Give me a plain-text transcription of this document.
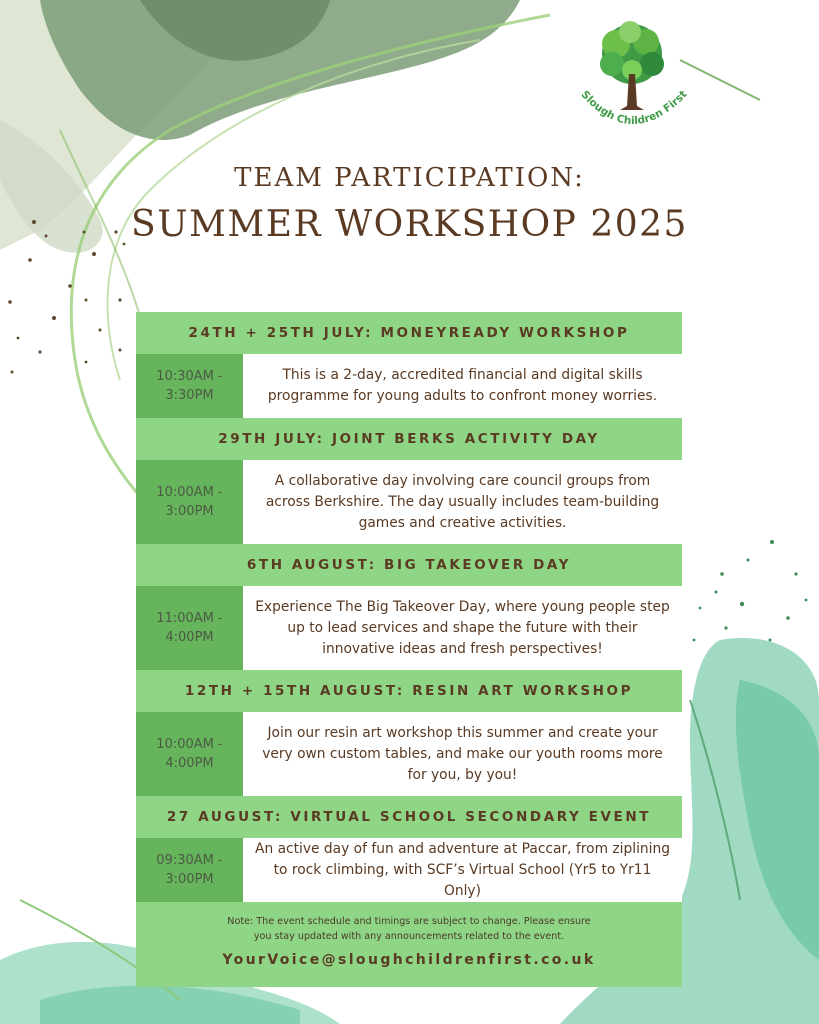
Slough Children First
TEAM PARTICIPATION:
SUMMER WORKSHOP 2025
24TH + 25TH JULY: MONEYREADY WORKSHOP
10:30AM -
3:30PM
This is a 2-day, accredited financial and digital skills programme for young adults to confront money worries.
29TH JULY: JOINT BERKS ACTIVITY DAY
10:00AM -
3:00PM
A collaborative day involving care council groups from across Berkshire. The day usually includes team-building games and creative activities.
6TH AUGUST: BIG TAKEOVER DAY
11:00AM -
4:00PM
Experience The Big Takeover Day, where young people step up to lead services and shape the future with their innovative ideas and fresh perspectives!
12TH + 15TH AUGUST: RESIN ART WORKSHOP
10:00AM -
4:00PM
Join our resin art workshop this summer and create your very own custom tables, and make our youth rooms more for you, by you!
27 AUGUST: VIRTUAL SCHOOL SECONDARY EVENT
09:30AM -
3:00PM
An active day of fun and adventure at Paccar, from ziplining to rock climbing, with SCF’s Virtual School (Yr5 to Yr11 Only)
Note: The event schedule and timings are subject to change. Please ensure
you stay updated with any announcements related to the event.
YourVoice@sloughchildrenfirst.co.uk
